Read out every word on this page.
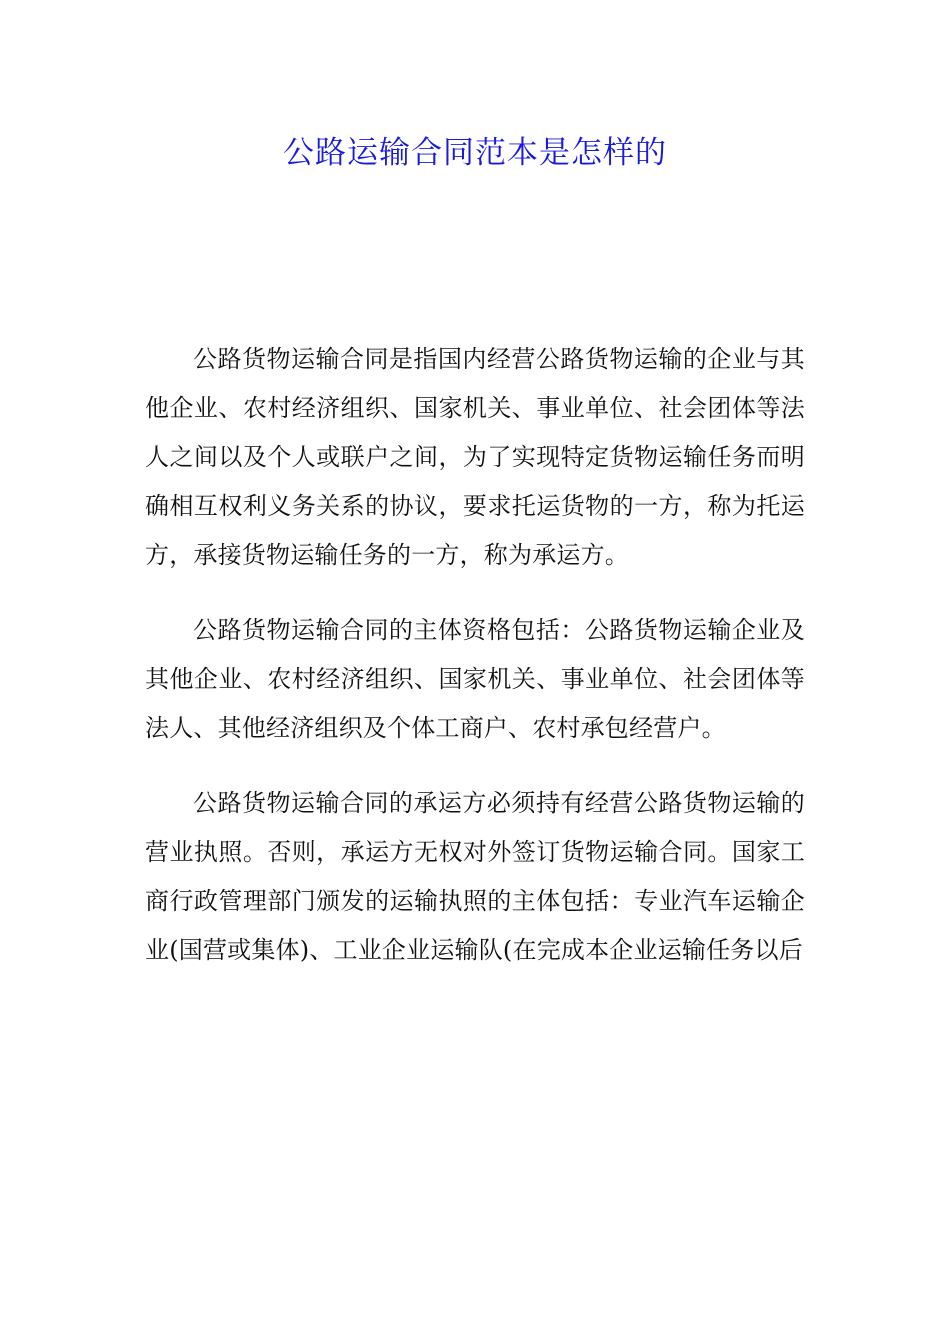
公路运输合同范本是怎样的

公路货物运输合同是指国内经营公路货物运输的企业与其他企业、农村经济组织、国家机关、事业单位、社会团体等法人之间以及个人或联户之间，为了实现特定货物运输任务而明确相互权利义务关系的协议，要求托运货物的一方，称为托运方，承接货物运输任务的一方，称为承运方。

公路货物运输合同的主体资格包括：公路货物运输企业及其他企业、农村经济组织、国家机关、事业单位、社会团体等法人、其他经济组织及个体工商户、农村承包经营户。

公路货物运输合同的承运方必须持有经营公路货物运输的营业执照。否则，承运方无权对外签订货物运输合同。国家工商行政管理部门颁发的运输执照的主体包括：专业汽车运输企业(国营或集体)、工业企业运输队(在完成本企业运输任务以后
